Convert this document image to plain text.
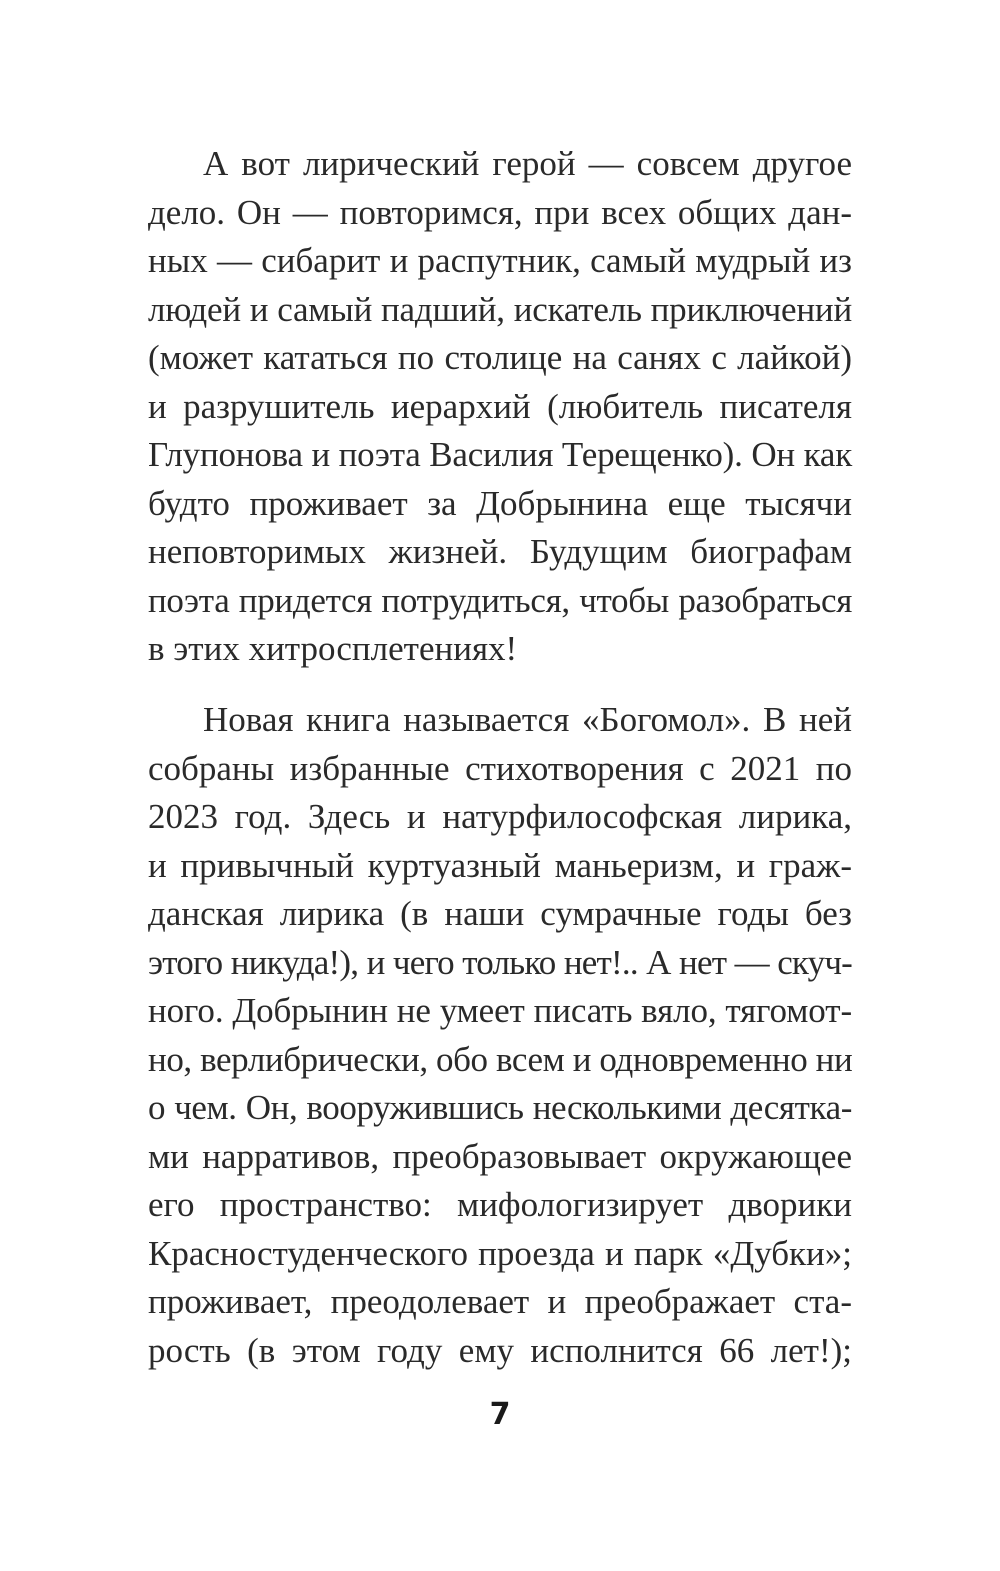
А вот лирический герой — совсем другое
дело. Он — повторимся, при всех общих дан-
ных — сибарит и распутник, самый мудрый из
людей и самый падший, искатель приключений
(может кататься по столице на санях с лайкой)
и разрушитель иерархий (любитель писателя
Глупонова и поэта Василия Терещенко). Он как
будто проживает за Добрынина еще тысячи
неповторимых жизней. Будущим биографам
поэта придется потрудиться, чтобы разобраться
в этих хитросплетениях!
Новая книга называется «Богомол». В ней
собраны избранные стихотворения с 2021 по
2023 год. Здесь и натурфилософская лирика,
и привычный куртуазный маньеризм, и граж-
данская лирика (в наши сумрачные годы без
этого никуда!), и чего только нет!.. А нет — скуч-
ного. Добрынин не умеет писать вяло, тягомот-
но, верлибрически, обо всем и одновременно ни
о чем. Он, вооружившись несколькими десятка-
ми нарративов, преобразовывает окружающее
его пространство: мифологизирует дворики
Красностуденческого проезда и парк «Дубки»;
проживает, преодолевает и преображает ста-
рость (в этом году ему исполнится 66 лет!);
7
